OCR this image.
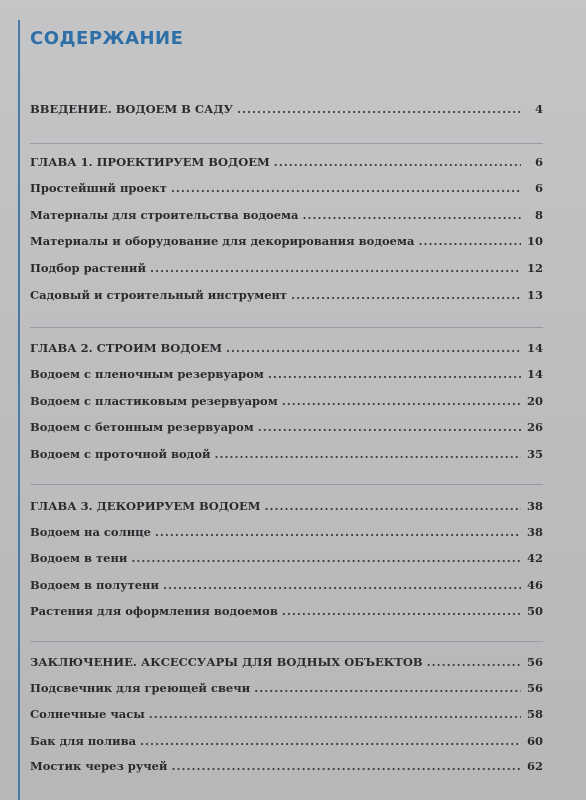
СОДЕРЖАНИЕ
ВВЕДЕНИЕ. ВОДОЕМ В САДУ .....	4
ГЛАВА 1. ПРОЕКТИРУЕМ ВОДОЕМ .....	6
Простейший проект .....	6
Матерналы для строительства водоема .....	8
Материалы и оборудование для декорирования водоема .....	10
Подбор растений .....	12
Садовый и строительный инструмент .....	13
ГЛАВА 2. СТРОИМ ВОДОЕМ .....	14
Водоем с пленочным резервуаром .....	14
Водоем с пластиковым резервуаром .....	20
Водоем с бетонным резервуаром .....	26
Водоем с проточной водой .....	35
ГЛАВА 3. ДЕКОРИРУЕМ ВОДОЕМ .....	38
Водоем на солнце .....	38
Водоем в тени .....	42
Водоем в полутени .....	46
Растения для оформления водоемов .....	50
ЗАКЛЮЧЕНИЕ. АКСЕССУАРЫ ДЛЯ ВОДНЫХ ОБЪЕКТОВ .....	56
Подсвечник для греющей свечи .....	56
Солнечные часы .....	58
Бак для полива .....	60
Мостик через ручей .....	62
